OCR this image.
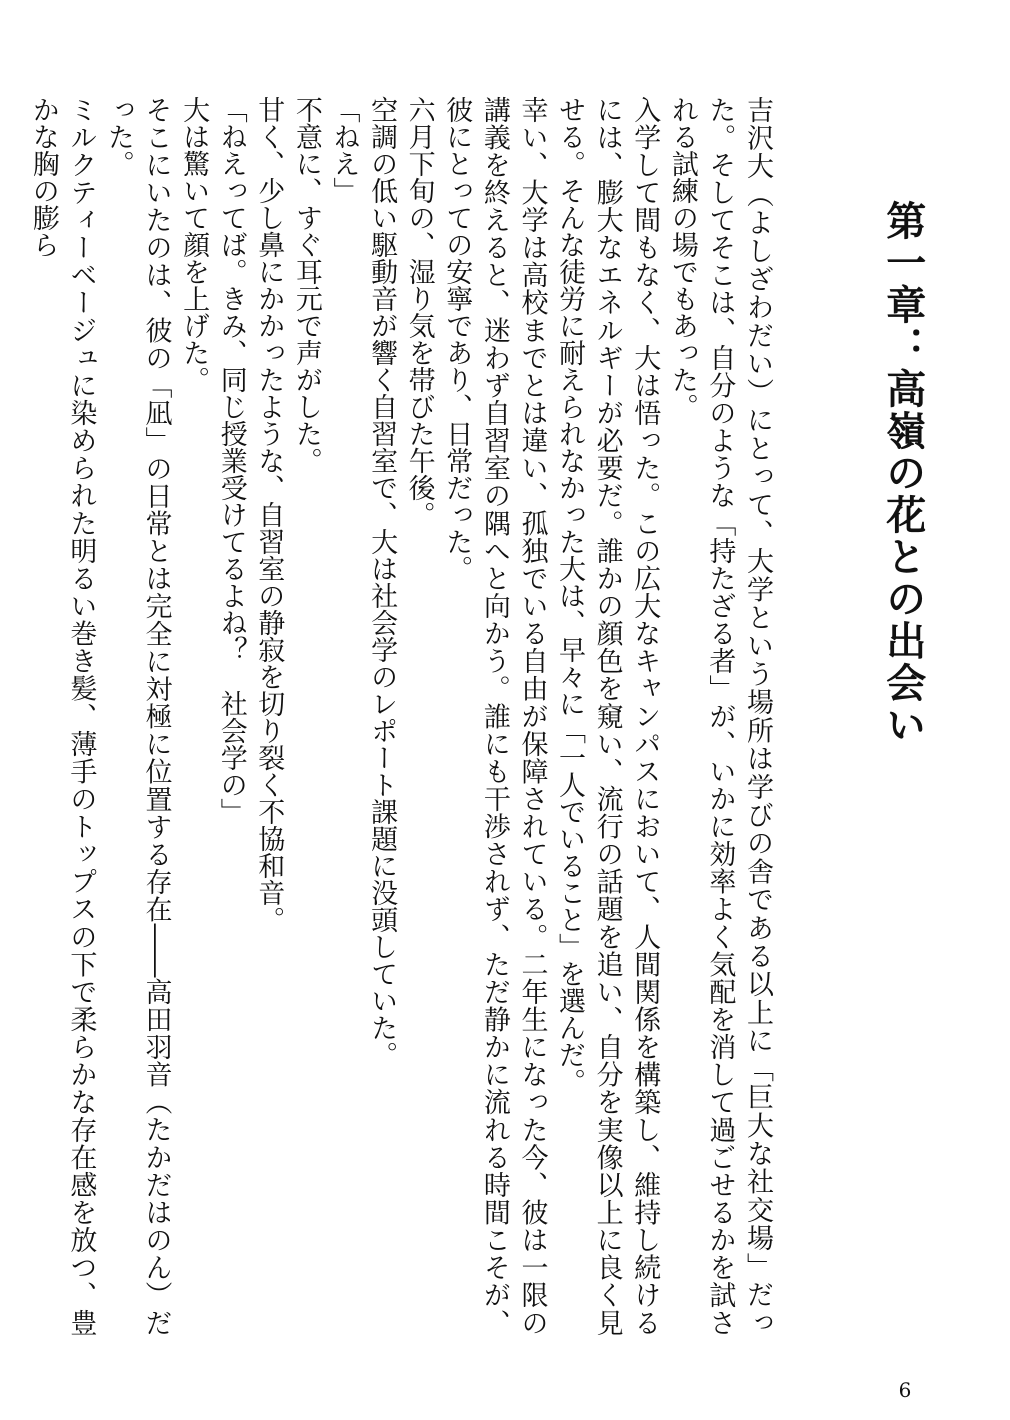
第一章：高嶺の花との出会い

吉沢大（よしざわだい）にとって、大学という場所は学びの舎である以上に「巨大な社交場」だった。そしてそこは、自分のような「持たざる者」が、いかに効率よく気配を消して過ごせるかを試される試練の場でもあった。

入学して間もなく、大は悟った。この広大なキャンパスにおいて、人間関係を構築し、維持し続けるには、膨大なエネルギーが必要だ。誰かの顔色を窺い、流行の話題を追い、自分を実像以上に良く見せる。そんな徒労に耐えられなかった大は、早々に「一人でいること」を選んだ。

幸い、大学は高校までとは違い、孤独でいる自由が保障されている。二年生になった今、彼は一限の講義を終えると、迷わず自習室の隅へと向かう。誰にも干渉されず、ただ静かに流れる時間こそが、彼にとっての安寧であり、日常だった。

六月下旬の、湿り気を帯びた午後。

空調の低い駆動音が響く自習室で、大は社会学のレポート課題に没頭していた。

「ねえ」

不意に、すぐ耳元で声がした。

甘く、少し鼻にかかったような、自習室の静寂を切り裂く不協和音。

「ねえってば。きみ、同じ授業受けてるよね？　社会学の」

大は驚いて顔を上げた。

そこにいたのは、彼の「凪」の日常とは完全に対極に位置する存在――高田羽音（たかだはのん）だった。

ミルクティーベージュに染められた明るい巻き髪、薄手のトップスの下で柔らかな存在感を放つ、豊かな胸の膨ら

6
